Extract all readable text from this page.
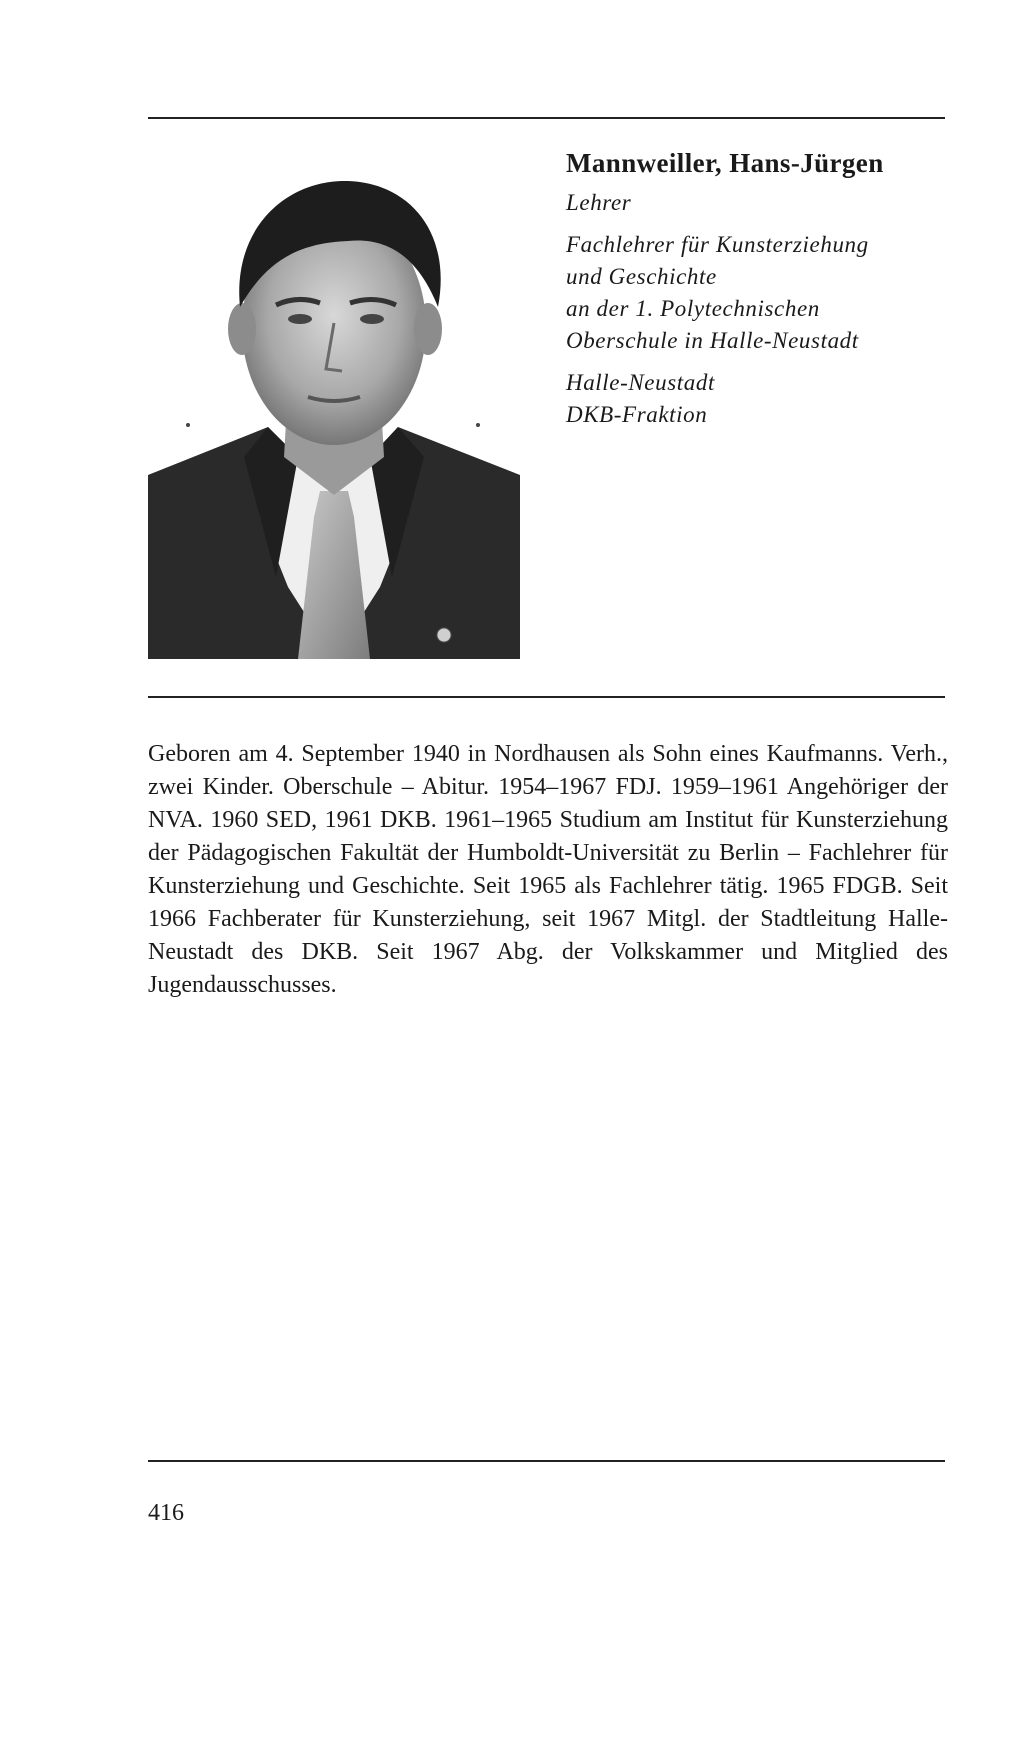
Mannweiller, Hans-Jürgen

Lehrer

Fachlehrer für Kunsterziehung

und Geschichte

an der 1. Polytechnischen

Oberschule in Halle-Neustadt

Halle-Neustadt

DKB-Fraktion

Geboren am 4. September 1940 in Nordhausen als Sohn eines Kaufmanns. Verh., zwei Kinder. Oberschule – Abitur. 1954–1967 FDJ. 1959–1961 Angehöriger der NVA. 1960 SED, 1961 DKB. 1961–1965 Studium am Institut für Kunsterziehung der Pädagogischen Fakultät der Humboldt-Universität zu Berlin – Fachlehrer für Kunsterziehung und Geschichte. Seit 1965 als Fachlehrer tätig. 1965 FDGB. Seit 1966 Fachberater für Kunsterziehung, seit 1967 Mitgl. der Stadtleitung Halle-Neustadt des DKB. Seit 1967 Abg. der Volkskammer und Mitglied des Jugendausschusses.

416
